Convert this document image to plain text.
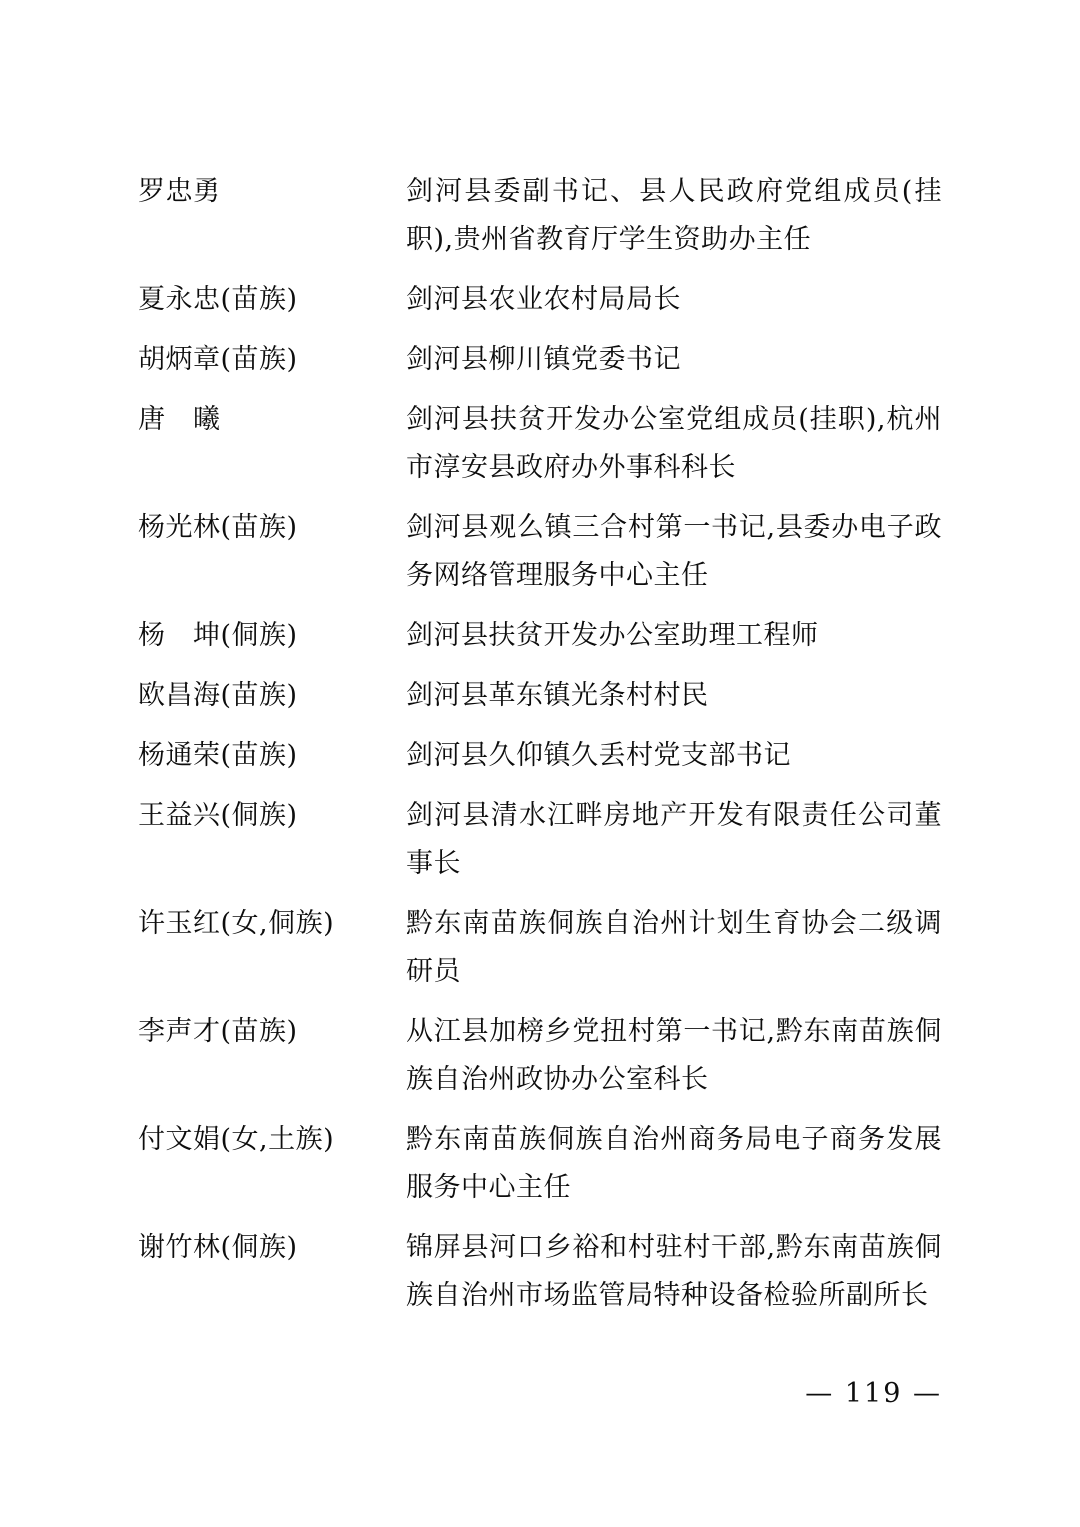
罗忠勇	剑河县委副书记、县人民政府党组成员(挂职),贵州省教育厅学生资助办主任
夏永忠(苗族)	剑河县农业农村局局长
胡炳章(苗族)	剑河县柳川镇党委书记
唐　曦	剑河县扶贫开发办公室党组成员(挂职),杭州市淳安县政府办外事科科长
杨光林(苗族)	剑河县观么镇三合村第一书记,县委办电子政务网络管理服务中心主任
杨　坤(侗族)	剑河县扶贫开发办公室助理工程师
欧昌海(苗族)	剑河县革东镇光条村村民
杨通荣(苗族)	剑河县久仰镇久丢村党支部书记
王益兴(侗族)	剑河县清水江畔房地产开发有限责任公司董事长
许玉红(女,侗族)	黔东南苗族侗族自治州计划生育协会二级调研员
李声才(苗族)	从江县加榜乡党扭村第一书记,黔东南苗族侗族自治州政协办公室科长
付文娟(女,土族)	黔东南苗族侗族自治州商务局电子商务发展服务中心主任
谢竹林(侗族)	锦屏县河口乡裕和村驻村干部,黔东南苗族侗族自治州市场监管局特种设备检验所副所长
— 119 —
